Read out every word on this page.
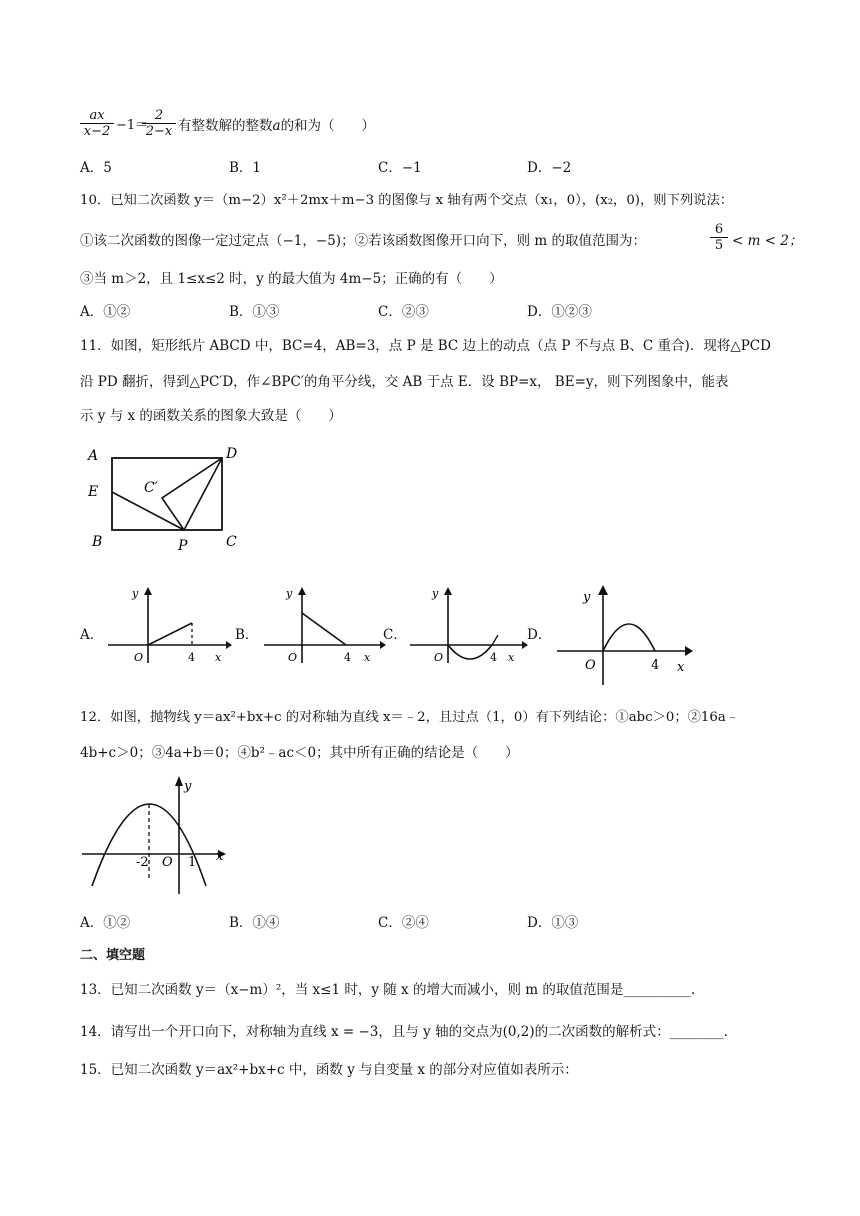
$\frac{ax}{x-2} -1=$
$\frac{2}{2-x}$ 有整数解的整数a的和为（　　）
A．5	B．1	C．−1	D．−2
10．已知二次函数 y＝（m−2）x²＋2mx＋m−3 的图像与 x 轴有两个交点（x₁，0），(x₂，0)，则下列说法：
①该二次函数的图像一定过定点（−1，−5)；②若该函数图像开口向下，则 m 的取值范围为：	$\frac{6}{5} < m < 2$；
③当 m＞2，且 1≤x≤2 时，y 的最大值为 4m−5；正确的有（　　）
A．①②	B．①③	C．②③	D．①②③
11．如图，矩形纸片 ABCD 中，BC=4，AB=3，点 P 是 BC 边上的动点（点 P 不与点 B、C 重合)．现将△PCD
沿 PD 翻折，得到△PC′D，作∠BPC′的角平分线，交 AB 于点 E．设 BP=x， BE=y，则下列图象中，能表
示 y 与 x 的函数关系的图象大致是（　　）
A	D
E	C′
B	P	C
A．
y
x
O	4
B．
y
x
O	4
C．
y
x
O	4
D．
y
x
O	4
12．如图，抛物线 y＝ax²+bx+c 的对称轴为直线 x＝﹣2，且过点（1，0）有下列结论：①abc＞0；②16a﹣
4b+c＞0；③4a+b＝0；④b²﹣ac＜0；其中所有正确的结论是（　　）
y
x
O
-2	1
A．①②	B．①④	C．②④	D．①③
二、填空题
13．已知二次函数 y＝（x−m）²，当 x≤1 时，y 随 x 的增大而减小，则 m 的取值范围是__________.
14．请写出一个开口向下，对称轴为直线 x = −3，且与 y 轴的交点为(0,2)的二次函数的解析式：________.
15．已知二次函数 y＝ax²+bx+c 中，函数 y 与自变量 x 的部分对应值如表所示：
